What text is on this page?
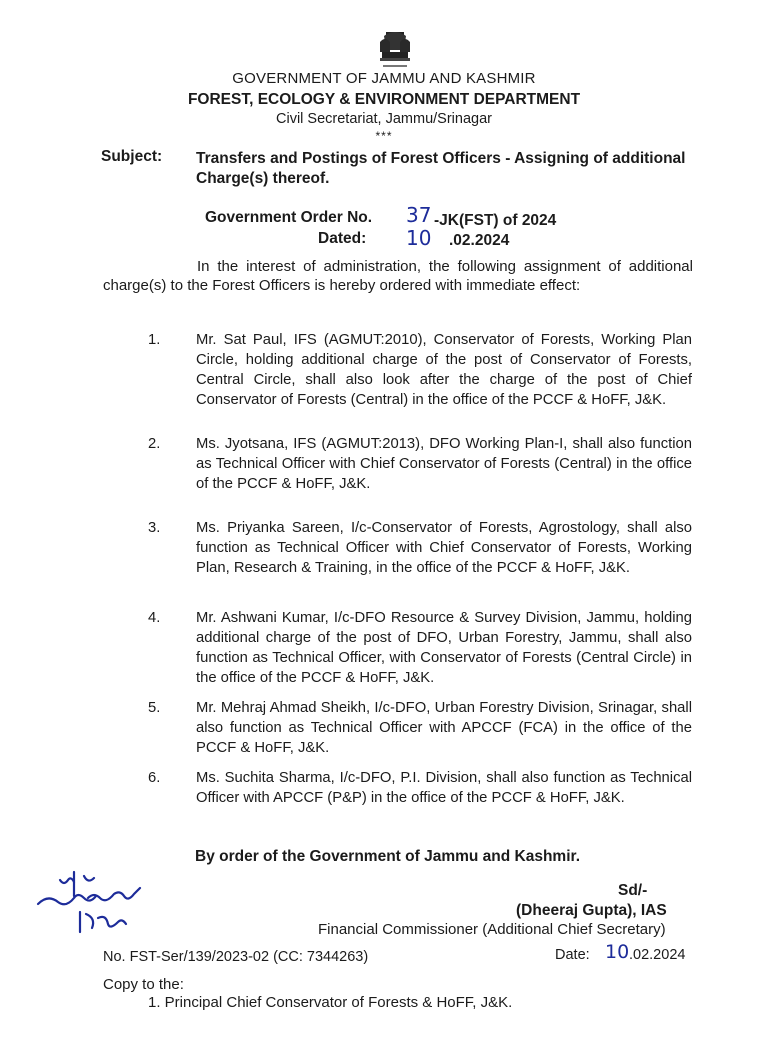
GOVERNMENT OF JAMMU AND KASHMIR
FOREST, ECOLOGY & ENVIRONMENT DEPARTMENT
Civil Secretariat, Jammu/Srinagar
***
Subject: Transfers and Postings of Forest Officers - Assigning of additional Charge(s) thereof.
Government Order No. 37 -JK(FST) of 2024
Dated: 10 .02.2024
In the interest of administration, the following assignment of additional charge(s) to the Forest Officers is hereby ordered with immediate effect:
1. Mr. Sat Paul, IFS (AGMUT:2010), Conservator of Forests, Working Plan Circle, holding additional charge of the post of Conservator of Forests, Central Circle, shall also look after the charge of the post of Chief Conservator of Forests (Central) in the office of the PCCF & HoFF, J&K.
2. Ms. Jyotsana, IFS (AGMUT:2013), DFO Working Plan-I, shall also function as Technical Officer with Chief Conservator of Forests (Central) in the office of the PCCF & HoFF, J&K.
3. Ms. Priyanka Sareen, I/c-Conservator of Forests, Agrostology, shall also function as Technical Officer with Chief Conservator of Forests, Working Plan, Research & Training, in the office of the PCCF & HoFF, J&K.
4. Mr. Ashwani Kumar, I/c-DFO Resource & Survey Division, Jammu, holding additional charge of the post of DFO, Urban Forestry, Jammu, shall also function as Technical Officer, with Conservator of Forests (Central Circle) in the office of the PCCF & HoFF, J&K.
5. Mr. Mehraj Ahmad Sheikh, I/c-DFO, Urban Forestry Division, Srinagar, shall also function as Technical Officer with APCCF (FCA) in the office of the PCCF & HoFF, J&K.
6. Ms. Suchita Sharma, I/c-DFO, P.I. Division, shall also function as Technical Officer with APCCF (P&P) in the office of the PCCF & HoFF, J&K.
By order of the Government of Jammu and Kashmir.
Sd/-
(Dheeraj Gupta), IAS
Financial Commissioner (Additional Chief Secretary)
No. FST-Ser/139/2023-02 (CC: 7344263)	Date: 10 .02.2024
Copy to the:
1. Principal Chief Conservator of Forests & HoFF, J&K.
